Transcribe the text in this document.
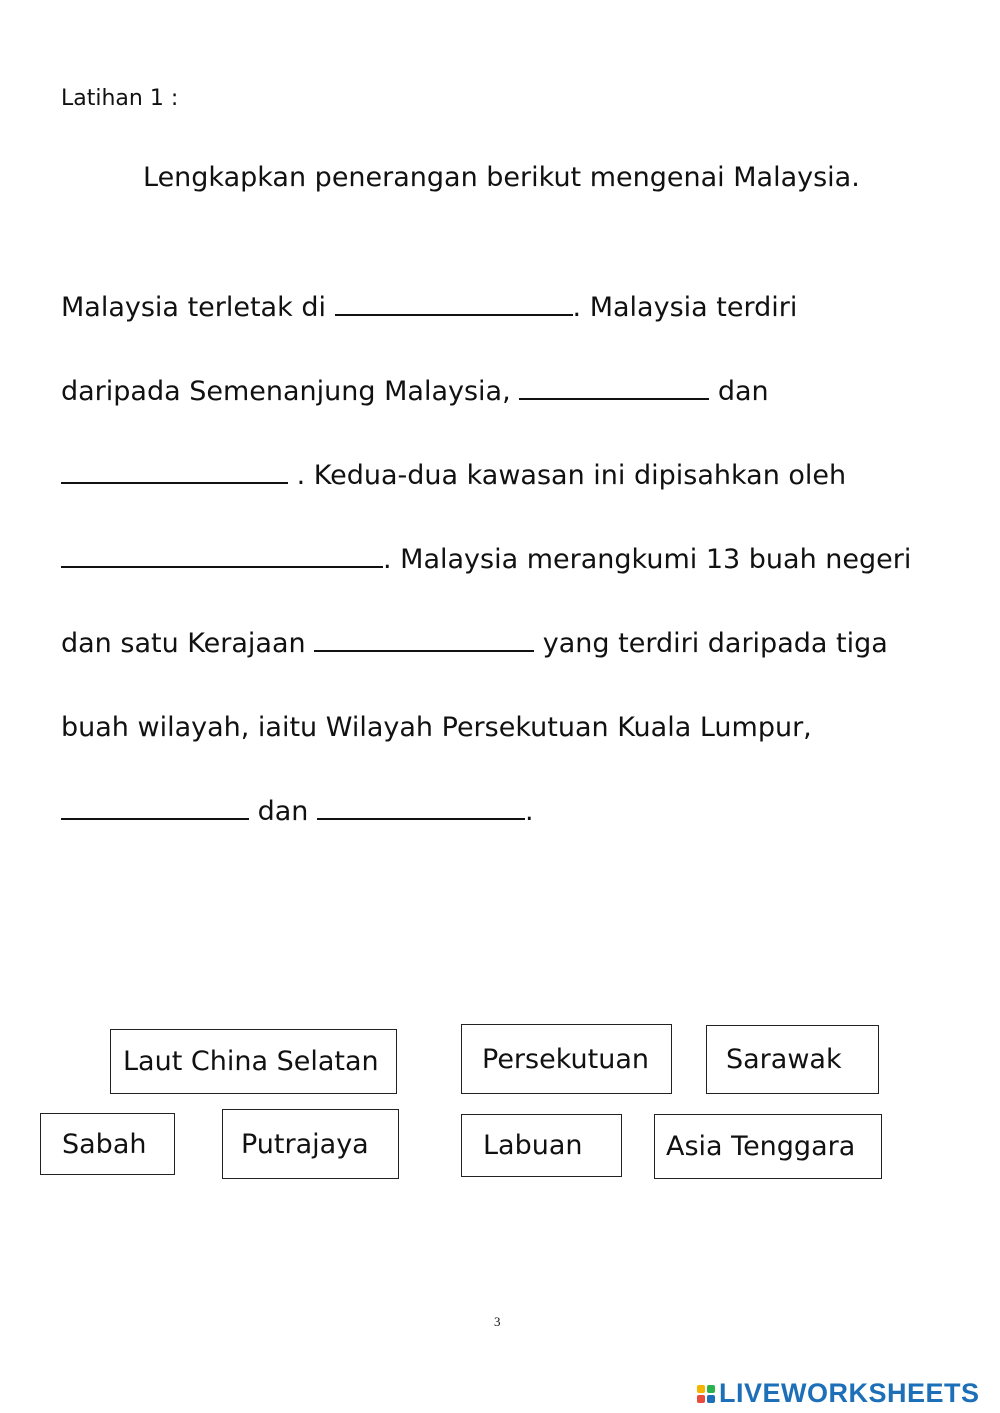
Latihan 1 :
Lengkapkan penerangan berikut mengenai Malaysia.
Malaysia terletak di	. Malaysia terdiri
daripada Semenanjung Malaysia,	dan
. Kedua-dua kawasan ini dipisahkan oleh
. Malaysia merangkumi 13 buah negeri
dan satu Kerajaan	yang terdiri daripada tiga
buah wilayah, iaitu Wilayah Persekutuan Kuala Lumpur,
dan	.
Laut China Selatan	Persekutuan	Sarawak
Sabah	Putrajaya	Labuan	Asia Tenggara
3
LIVEWORKSHEETS
